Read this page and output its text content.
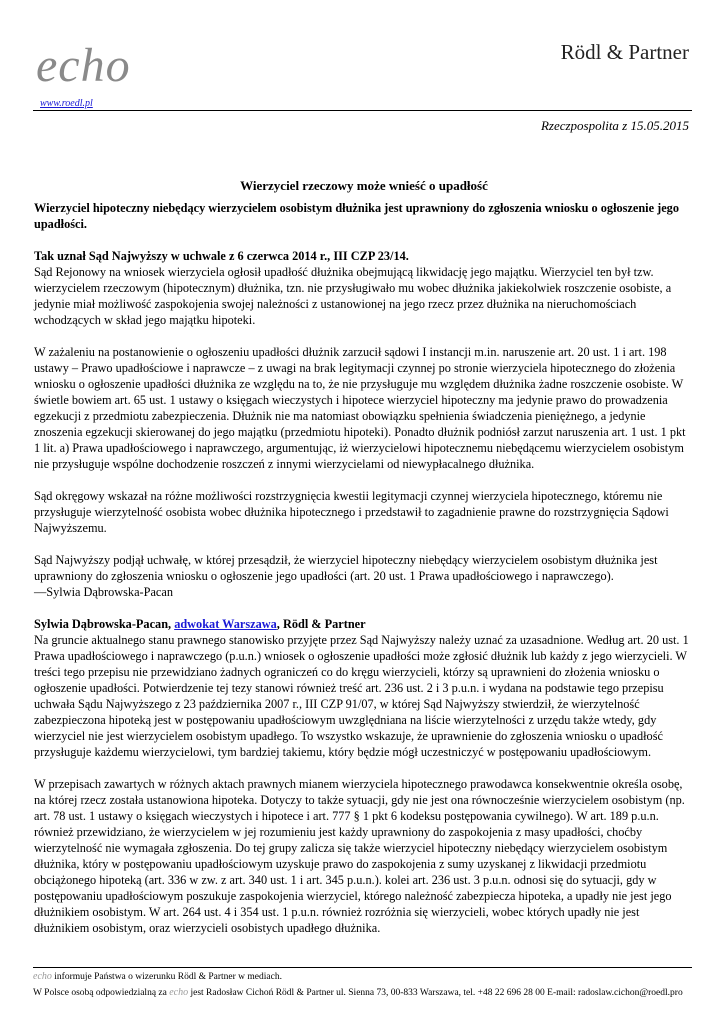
echo	Rödl & Partner
www.roedl.pl
Rzeczpospolita z 15.05.2015

Wierzyciel rzeczowy może wnieść o upadłość

Wierzyciel hipoteczny niebędący wierzycielem osobistym dłużnika jest uprawniony do zgłoszenia wniosku o ogłoszenie jego upadłości.

Tak uznał Sąd Najwyższy w uchwale z 6 czerwca 2014 r., III CZP 23/14.
Sąd Rejonowy na wniosek wierzyciela ogłosił upadłość dłużnika obejmującą likwidację jego majątku. Wierzyciel ten był tzw. wierzycielem rzeczowym (hipotecznym) dłużnika, tzn. nie przysługiwało mu wobec dłużnika jakiekolwiek roszczenie osobiste, a jedynie miał możliwość zaspokojenia swojej należności z ustanowionej na jego rzecz przez dłużnika na nieruchomościach wchodzących w skład jego majątku hipoteki.

W zażaleniu na postanowienie o ogłoszeniu upadłości dłużnik zarzucił sądowi I instancji m.in. naruszenie art. 20 ust. 1 i art. 198 ustawy – Prawo upadłościowe i naprawcze – z uwagi na brak legitymacji czynnej po stronie wierzyciela hipotecznego do złożenia wniosku o ogłoszenie upadłości dłużnika ze względu na to, że nie przysługuje mu względem dłużnika żadne roszczenie osobiste. W świetle bowiem art. 65 ust. 1 ustawy o księgach wieczystych i hipotece wierzyciel hipoteczny ma jedynie prawo do prowadzenia egzekucji z przedmiotu zabezpieczenia. Dłużnik nie ma natomiast obowiązku spełnienia świadczenia pieniężnego, a jedynie znoszenia egzekucji skierowanej do jego majątku (przedmiotu hipoteki). Ponadto dłużnik podniósł zarzut naruszenia art. 1 ust. 1 pkt 1 lit. a) Prawa upadłościowego i naprawczego, argumentując, iż wierzycielowi hipotecznemu niebędącemu wierzycielem osobistym nie przysługuje wspólne dochodzenie roszczeń z innymi wierzycielami od niewypłacalnego dłużnika.

Sąd okręgowy wskazał na różne możliwości rozstrzygnięcia kwestii legitymacji czynnej wierzyciela hipotecznego, któremu nie przysługuje wierzytelność osobista wobec dłużnika hipotecznego i przedstawił to zagadnienie prawne do rozstrzygnięcia Sądowi Najwyższemu.

Sąd Najwyższy podjął uchwałę, w której przesądził, że wierzyciel hipoteczny niebędący wierzycielem osobistym dłużnika jest uprawniony do zgłoszenia wniosku o ogłoszenie jego upadłości (art. 20 ust. 1 Prawa upadłościowego i naprawczego).
—Sylwia Dąbrowska-Pacan

Sylwia Dąbrowska-Pacan, adwokat Warszawa, Rödl & Partner
Na gruncie aktualnego stanu prawnego stanowisko przyjęte przez Sąd Najwyższy należy uznać za uzasadnione. Według art. 20 ust. 1 Prawa upadłościowego i naprawczego (p.u.n.) wniosek o ogłoszenie upadłości może zgłosić dłużnik lub każdy z jego wierzycieli. W treści tego przepisu nie przewidziano żadnych ograniczeń co do kręgu wierzycieli, którzy są uprawnieni do złożenia wniosku o ogłoszenie upadłości. Potwierdzenie tej tezy stanowi również treść art. 236 ust. 2 i 3 p.u.n. i wydana na podstawie tego przepisu uchwała Sądu Najwyższego z 23 października 2007 r., III CZP 91/07, w której Sąd Najwyższy stwierdził, że wierzytelność zabezpieczona hipoteką jest w postępowaniu upadłościowym uwzględniana na liście wierzytelności z urzędu także wtedy, gdy wierzyciel nie jest wierzycielem osobistym upadłego. To wszystko wskazuje, że uprawnienie do zgłoszenia wniosku o upadłość przysługuje każdemu wierzycielowi, tym bardziej takiemu, który będzie mógł uczestniczyć w postępowaniu upadłościowym.

W przepisach zawartych w różnych aktach prawnych mianem wierzyciela hipotecznego prawodawca konsekwentnie określa osobę, na której rzecz została ustanowiona hipoteka. Dotyczy to także sytuacji, gdy nie jest ona równocześnie wierzycielem osobistym (np. art. 78 ust. 1 ustawy o księgach wieczystych i hipotece i art. 777 § 1 pkt 6 kodeksu postępowania cywilnego). W art. 189 p.u.n. również przewidziano, że wierzycielem w jej rozumieniu jest każdy uprawniony do zaspokojenia z masy upadłości, choćby wierzytelność nie wymagała zgłoszenia. Do tej grupy zalicza się także wierzyciel hipoteczny niebędący wierzycielem osobistym dłużnika, który w postępowaniu upadłościowym uzyskuje prawo do zaspokojenia z sumy uzyskanej z likwidacji przedmiotu obciążonego hipoteką (art. 336 w zw. z art. 340 ust. 1 i art. 345 p.u.n.). kolei art. 236 ust. 3 p.u.n. odnosi się do sytuacji, gdy w postępowaniu upadłościowym poszukuje zaspokojenia wierzyciel, którego należność zabezpiecza hipoteka, a upadły nie jest jego dłużnikiem osobistym. W art. 264 ust. 4 i 354 ust. 1 p.u.n. również rozróżnia się wierzycieli, wobec których upadły nie jest dłużnikiem osobistym, oraz wierzycieli osobistych upadłego dłużnika.

echo informuje Państwa o wizerunku Rödl & Partner w mediach.
W Polsce osobą odpowiedzialną za echo jest Radosław Cichoń Rödl & Partner ul. Sienna 73, 00-833 Warszawa, tel. +48 22 696 28 00 E-mail: radoslaw.cichon@roedl.pro
